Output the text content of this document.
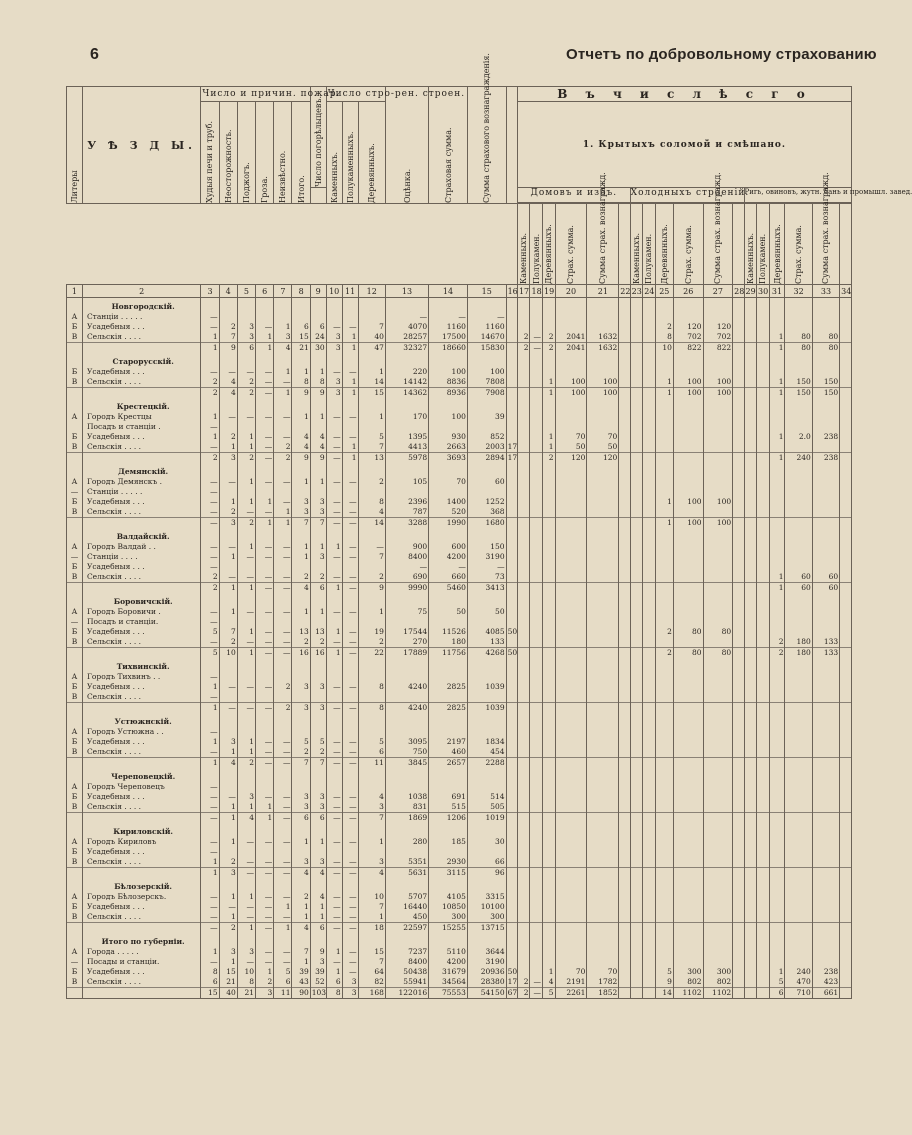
6	Отчетъ по добровольному страхованию
Литеры	У Ѣ З Д Ы.	Число и причин. пожар.						Число погорѣлыцевъ.	Число стро-рен. строен.			Оцѣнка.	Страховая сумма.	Сумма страхового вознагражденія.		В ъ ч и с л ѣ с г о																	

		Худыя печи и труб.	Неосторожность.	Поджогъ.	Гроза.	Неизвѣстно.	Итого.		Каменныхъ.	Полукаменныхъ.	Деревянныхъ.					1. Крытыхъ соломой и смѣшано.																	

																Домовъ и избъ.						Холодныхъ строеній.						Ригь, овиновъ, жутн. бань и промышл. завед.					

																Каменныхъ.	Полукамен.	Деревянныхъ.	Страх. сумма.	Сумма страх. вознагражд.		Каменныхъ.	Полукамен.	Деревянныхъ.	Страх. сумма.	Сумма страх. вознагражд.		Каменныхъ.	Полукамен.	Деревянныхъ.	Страх. сумма.	Сумма страх. вознагражд.	

1	2	3	4	5	6	7	8	9	10	11	12	13	14	15	16	17	18	19	20	21	22	23	24	25	26	27	28	29	30	31	32	33	34
	Новгородскій.																																
А	Станціи . . . . .	—										—	—	—																			
Б	Усадебныя . . .	—	2	3	—	1	6	6	—	—	7	4070	1160	1160										2	120	120							
В	Сельскія . . . .	1	7	3	1	3	15	24	3	1	40	28257	17500	14670		2	—	2	2041	1632				8	702	702				1	80	80	
		1	9	6	1	4	21	30	3	1	47	32327	18660	15830		2	—	2	2041	1632				10	822	822				1	80	80	
	Старорусскій.																																
Б	Усадебныя . . .	—	—	—	—	1	1	1	—	—	1	220	100	100																			
В	Сельскія . . . .	2	4	2	—	—	8	8	3	1	14	14142	8836	7808				1	100	100				1	100	100				1	150	150	
		2	4	2	—	1	9	9	3	1	15	14362	8936	7908				1	100	100				1	100	100				1	150	150	
	Крестецкій.																																
А	Городъ Крестцы	1	—	—	—	—	1	1	—	—	1	170	100	39																			
	Посадъ и станціи .	—																															
Б	Усадебныя . . .	1	2	1	—	—	4	4	—	—	5	1395	930	852				1	70	70										1	2.0	238	
В	Сельскія . . . .	—	1	1	—	2	4	4	—	1	7	4413	2663	2003	17			1	50	50													
		2	3	2	—	2	9	9	—	1	13	5978	3693	2894	17			2	120	120										1	240	238	
	Демянскій.																																
А	Городъ Демянскъ .	—	—	1	—	—	1	1	—	—	2	105	70	60																			
—	Станціи . . . . .	—																															
Б	Усадебныя . . .	—	1	1	1	—	3	3	—	—	8	2396	1400	1252										1	100	100							
В	Сельскія . . . .	—	2	—	—	1	3	3	—	—	4	787	520	368																			
		—	3	2	1	1	7	7	—	—	14	3288	1990	1680										1	100	100							
	Валдайскій.																																
А	Городъ Валдай . .	—	—	1	—	—	1	1	1	—	—	900	600	150																			
—	Станціи . . . .	—	1	—	—	—	1	3	—	—	7	8400	4200	3190																			
Б	Усадебныя . . .	—										—	—	—																			
В	Сельскія . . . .	2	—	—	—	—	2	2	—	—	2	690	660	73																1	60	60	
		2	1	1	—	—	4	6	1	—	9	9990	5460	3413																1	60	60	
	Боровичскій.																																
А	Городъ Боровичи .	—	1	—	—	—	1	1	—	—	1	75	50	50																			
—	Посадъ и станціи.	—																															
Б	Усадебныя . . .	5	7	1	—	—	13	13	1	—	19	17544	11526	4085	50									2	80	80							
В	Сельскія . . . .	—	2	—	—	—	2	2	—	—	2	270	180	133																2	180	133	
		5	10	1	—	—	16	16	1	—	22	17889	11756	4268	50									2	80	80				2	180	133	
	Тихвинскій.																																
А	Городъ Тихвинъ . .	—																															
Б	Усадебныя . . .	1	—	—	—	2	3	3	—	—	8	4240	2825	1039																			
В	Сельскія . . . .	—																															
		1	—	—	—	2	3	3	—	—	8	4240	2825	1039																			
	Устюжнскій.																																
А	Городъ Устюжна . .	—																															
Б	Усадебныя . . .	1	3	1	—	—	5	5	—	—	5	3095	2197	1834																			
В	Сельскія . . . .	—	1	1	—	—	2	2	—	—	6	750	460	454																			
		1	4	2	—	—	7	7	—	—	11	3845	2657	2288																			
	Череповецкій.																																
А	Городъ Череповецъ	—																															
Б	Усадебныя . . .	—	—	3	—	—	3	3	—	—	4	1038	691	514																			
В	Сельскія . . . .	—	1	1	1	—	3	3	—	—	3	831	515	505																			
		—	1	4	1	—	6	6	—	—	7	1869	1206	1019																			
	Кириловскій.																																
А	Городъ Кириловъ	—	1	—	—	—	1	1	—	—	1	280	185	30																			
Б	Усадебныя . . .	—																															
В	Сельскія . . . .	1	2	—	—	—	3	3	—	—	3	5351	2930	66																			
		1	3	—	—	—	4	4	—	—	4	5631	3115	96																			
	Бѣлозерскій.																																
А	Городъ Бѣлозерскъ.	—	1	1	—	—	2	4	—	—	10	5707	4105	3315																			
Б	Усадебныя . . .	—	—	—	—	1	1	1	—	—	7	16440	10850	10100																			
В	Сельскія . . . .	—	1	—	—	—	1	1	—	—	1	450	300	300																			
		—	2	1	—	1	4	6	—	—	18	22597	15255	13715																			
	Итого по губерніи.																																
А	Города . . . . .	1	3	3	—	—	7	9	1	—	15	7237	5110	3644																			
—	Посады и станціи.	—	1	—	—	—	1	3	—	—	7	8400	4200	3190																			
Б	Усадебныя . . .	8	15	10	1	5	39	39	1	—	64	50438	31679	20936	50			1	70	70				5	300	300				1	240	238	
В	Сельскія . . . .	6	21	8	2	6	43	52	6	3	82	55941	34564	28380	17	2	—	4	2191	1782				9	802	802				5	470	423	
		15	40	21	3	11	90	103	8	3	168	122016	75553	54150	67	2	—	5	2261	1852				14	1102	1102				6	710	661	
